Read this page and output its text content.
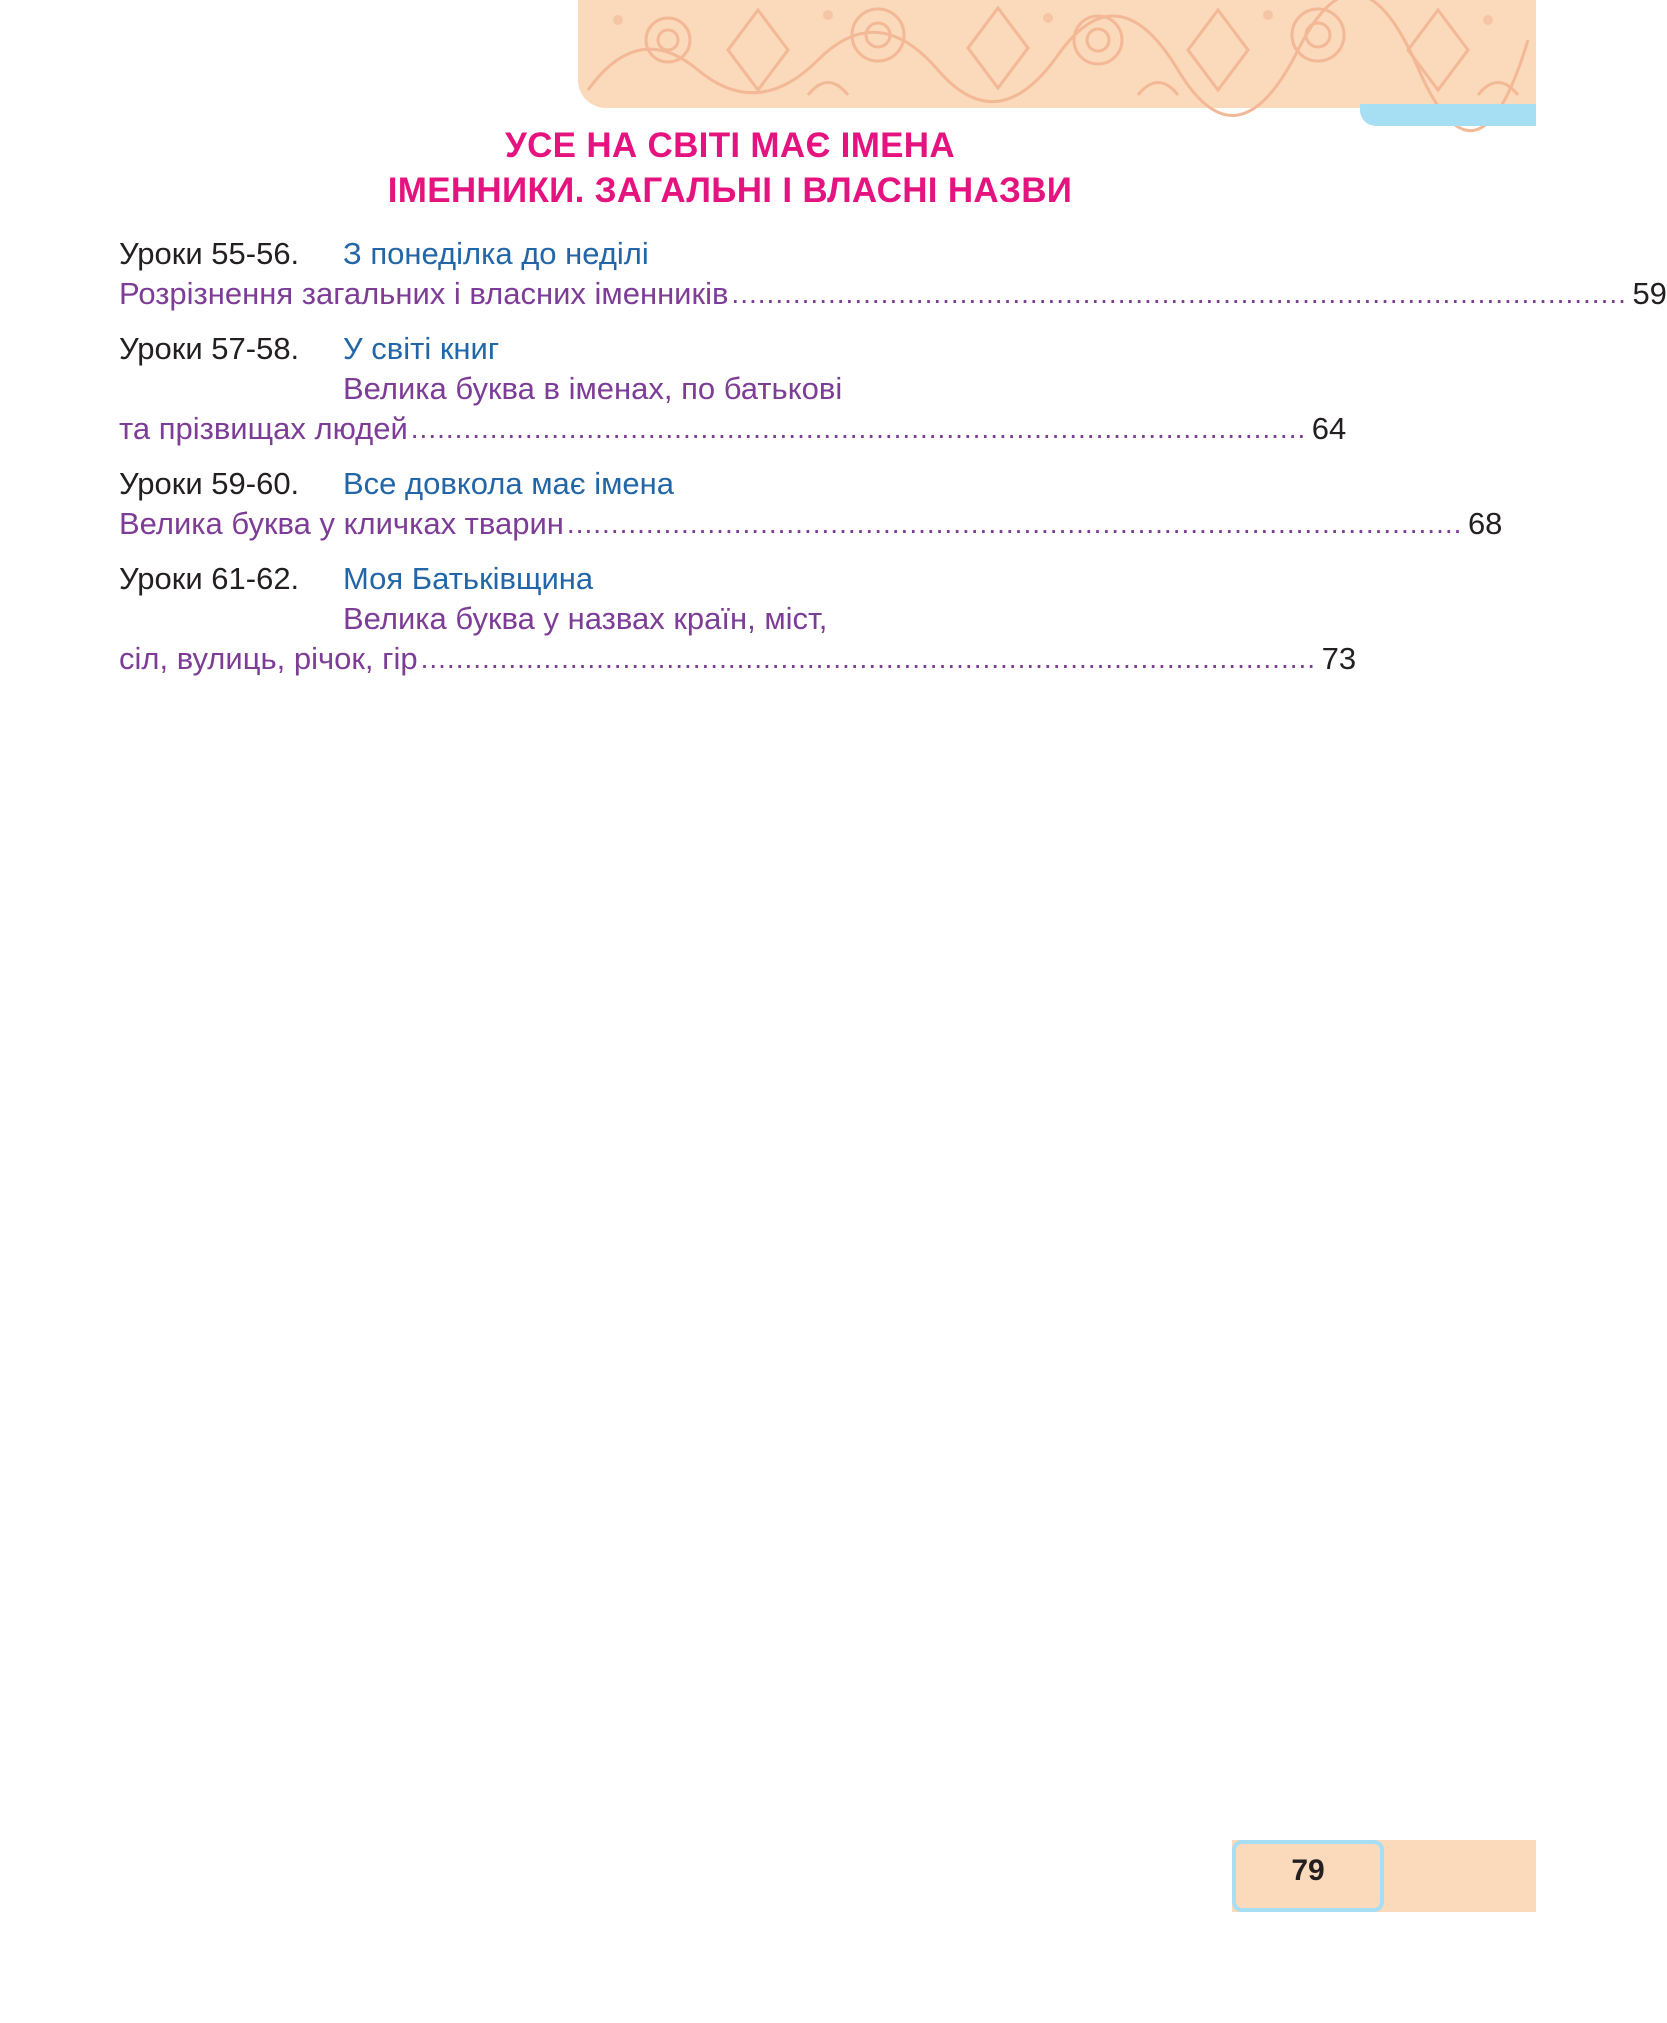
УСЕ НА СВІТІ МАЄ ІМЕНА
ІМЕННИКИ. ЗАГАЛЬНІ І ВЛАСНІ НАЗВИ
Уроки 55-56.	З понеділка до неділі
Розрізнення загальних і власних іменників ...................................................................................................... 59
Уроки 57-58.	У світі книг
Велика буква в іменах, по батькові
та прізвищах людей ...................................................................................................... 64
Уроки 59-60.	Все довкола має імена
Велика буква у кличках тварин ...................................................................................................... 68
Уроки 61-62.	Моя Батьківщина
Велика буква у назвах країн, міст,
сіл, вулиць, річок, гір ...................................................................................................... 73
79
